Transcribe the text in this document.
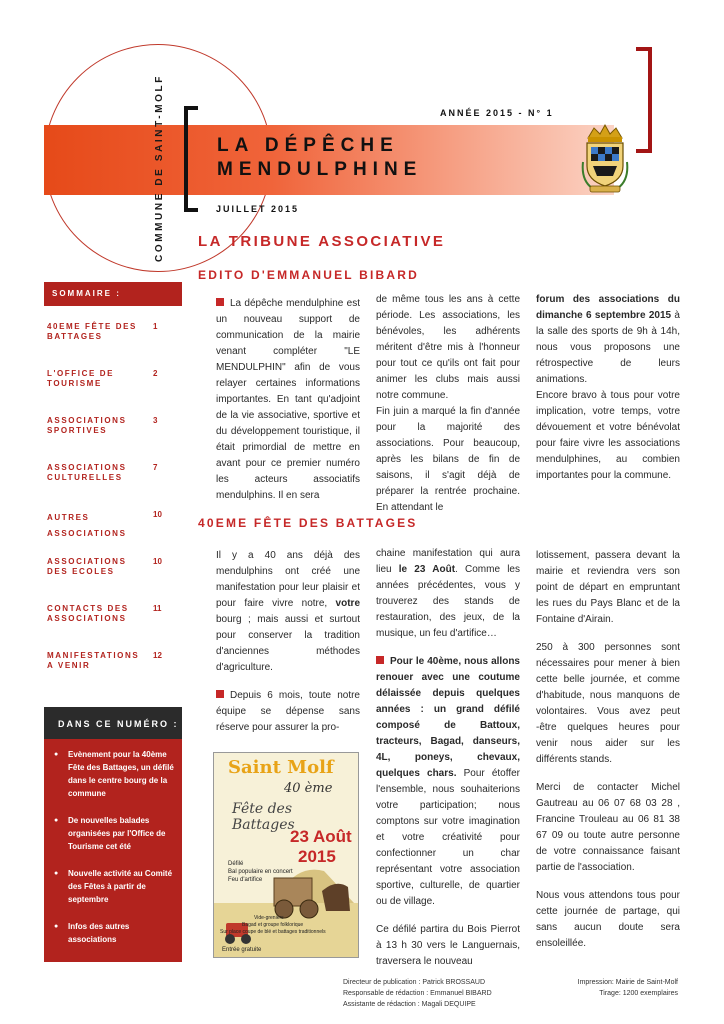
COMMUNE DE SAINT-MOLF	ANNÉE 2015 - N° 1
LA DÉPÊCHE
MENDULPHINE
JUILLET 2015
LA TRIBUNE ASSOCIATIVE
SOMMAIRE :
40EME FÊTE DES BATTAGES
1
L'OFFICE DE TOURISME
2
ASSOCIATIONS SPORTIVES
3
ASSOCIATIONS CULTURELLES
7
AUTRES ASSOCIATIONS
10
ASSOCIATIONS DES ECOLES
10
CONTACTS DES ASSOCIATIONS
11
MANIFESTATIONS A VENIR
12
DANS CE NUMÉRO :
● Evènement pour la 40ème Fête des Battages, un défilé dans le centre bourg de la commune
● De nouvelles balades organisées par l'Office de Tourisme cet été
● Nouvelle activité au Comité des Fêtes à partir de septembre
● Infos des autres associations
EDITO D'EMMANUEL BIBARD

La dépêche mendulphine est un nouveau support de communication de la mairie venant compléter "LE MENDULPHIN" afin de vous relayer certaines informations importantes. En tant qu'adjoint de la vie associative, sportive et du développement touristique, il était primordial de mettre en avant pour ce premier numéro les acteurs associatifs mendulphins. Il en sera

de même tous les ans à cette période. Les associations, les bénévoles, les adhérents méritent d'être mis à l'honneur pour tout ce qu'ils ont fait pour animer les clubs mais aussi notre commune.

Fin juin a marqué la fin d'année pour la majorité des associations. Pour beaucoup, après les bilans de fin de saisons, il s'agit déjà de préparer la rentrée prochaine. En attendant le

forum des associations du dimanche 6 septembre 2015 à la salle des sports de 9h à 14h, nous vous proposons une rétrospective de leurs animations.

Encore bravo à tous pour votre implication, votre temps, votre dévouement et votre bénévolat pour faire vivre les associations mendulphines, au combien importantes pour la commune.

40EME FÊTE DES BATTAGES

Il y a 40 ans déjà des mendulphins ont créé une manifestation pour leur plaisir et pour faire vivre notre, votre bourg ; mais aussi et surtout pour conserver la tradition d'anciennes méthodes d'agriculture.

Depuis 6 mois, toute notre équipe se dépense sans réserve pour assurer la pro-

Saint Molf
40 ème
Fête des Battages
23 Août
2015
Défilé
Bal populaire en concert
Feu d'artifice
Vide-greniers
Bagad et groupe folklorique
Sur place coupe de blé et battages traditionnels
Entrée gratuite

chaine manifestation qui aura lieu le 23 Août. Comme les années précédentes, vous y trouverez des stands de restauration, des jeux, de la musique, un feu d'artifice…

Pour le 40ème, nous allons renouer avec une coutume délaissée depuis quelques années : un grand défilé composé de Battoux, tracteurs, Bagad, danseurs, 4L, poneys, chevaux, quelques chars. Pour étoffer l'ensemble, nous souhaiterions votre participation; nous comptons sur votre imagination et votre créativité pour confectionner un char représentant votre association sportive, culturelle, de quartier ou de village.

Ce défilé partira du Bois Pierrot à 13 h 30 vers le Languernais, traversera le nouveau

lotissement, passera devant la mairie et reviendra vers son point de départ en empruntant les rues du Pays Blanc et de la Fontaine d'Airain.

250 à 300 personnes sont nécessaires pour mener à bien cette belle journée, et comme d'habitude, nous manquons de volontaires. Vous avez peut -être quelques heures pour venir nous aider sur les différents stands.

Merci de contacter Michel Gautreau au 06 07 68 03 28 , Francine Trouleau au 06 81 38 67 09 ou toute autre personne de votre connaissance faisant partie de l'association.

Nous vous attendons tous pour cette journée de partage, qui sans aucun doute sera ensoleillée.

Directeur de publication : Patrick BROSSAUD
Responsable de rédaction : Emmanuel BIBARD
Assistante de rédaction : Magali DEQUIPE
Impression: Mairie de Saint-Molf
Tirage: 1200 exemplaires
